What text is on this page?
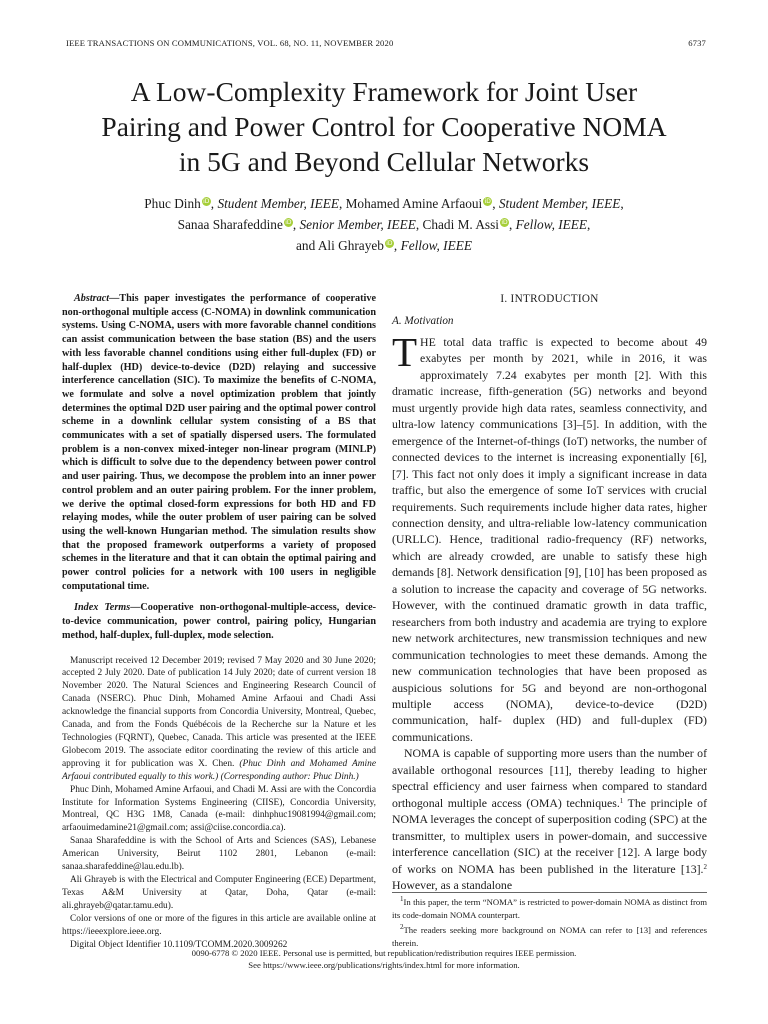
IEEE TRANSACTIONS ON COMMUNICATIONS, VOL. 68, NO. 11, NOVEMBER 2020	6737
A Low-Complexity Framework for Joint User
Pairing and Power Control for Cooperative NOMA
in 5G and Beyond Cellular Networks
Phuc Dinh iD, Student Member, IEEE, Mohamed Amine Arfaoui iD, Student Member, IEEE,
Sanaa Sharafeddine iD, Senior Member, IEEE, Chadi M. Assi iD, Fellow, IEEE,
and Ali Ghrayeb iD, Fellow, IEEE

Abstract—This paper investigates the performance of cooperative non-orthogonal multiple access (C-NOMA) in downlink communication systems. Using C-NOMA, users with more favorable channel conditions can assist communication between the base station (BS) and the users with less favorable channel conditions using either full-duplex (FD) or half-duplex (HD) device-to-device (D2D) relaying and successive interference cancellation (SIC). To maximize the benefits of C-NOMA, we formulate and solve a novel optimization problem that jointly determines the optimal D2D user pairing and the optimal power control scheme in a downlink cellular system consisting of a BS that communicates with a set of spatially dispersed users. The formulated problem is a non-convex mixed-integer non-linear program (MINLP) which is difficult to solve due to the dependency between power control and user pairing. Thus, we decompose the problem into an inner power control problem and an outer pairing problem. For the inner problem, we derive the optimal closed-form expressions for both HD and FD relaying modes, while the outer problem of user pairing can be solved using the well-known Hungarian method. The simulation results show that the proposed framework outperforms a variety of proposed schemes in the literature and that it can obtain the optimal pairing and power control policies for a network with 100 users in negligible computational time.

Index Terms—Cooperative non-orthogonal-multiple-access, device-to-device communication, power control, pairing policy, Hungarian method, half-duplex, full-duplex, mode selection.

Manuscript received 12 December 2019; revised 7 May 2020 and 30 June 2020; accepted 2 July 2020. Date of publication 14 July 2020; date of current version 18 November 2020. The Natural Sciences and Engineering Research Council of Canada (NSERC). Phuc Dinh, Mohamed Amine Arfaoui and Chadi Assi acknowledge the financial supports from Concordia University, Montreal, Quebec, Canada, and from the Fonds Québécois de la Recherche sur la Nature et les Technologies (FQRNT), Quebec, Canada. This article was presented at the IEEE Globecom 2019. The associate editor coordinating the review of this article and approving it for publication was X. Chen. (Phuc Dinh and Mohamed Amine Arfaoui contributed equally to this work.) (Corresponding author: Phuc Dinh.)

Phuc Dinh, Mohamed Amine Arfaoui, and Chadi M. Assi are with the Concordia Institute for Information Systems Engineering (CIISE), Concordia University, Montreal, QC H3G 1M8, Canada (e-mail: dinhphuc19081994@gmail.com; arfaouimedamine21@gmail.com; assi@ciise.concordia.ca).

Sanaa Sharafeddine is with the School of Arts and Sciences (SAS), Lebanese American University, Beirut 1102 2801, Lebanon (e-mail: sanaa.sharafeddine@lau.edu.lb).

Ali Ghrayeb is with the Electrical and Computer Engineering (ECE) Department, Texas A&M University at Qatar, Doha, Qatar (e-mail: ali.ghrayeb@qatar.tamu.edu).

Color versions of one or more of the figures in this article are available online at https://ieeexplore.ieee.org.

Digital Object Identifier 10.1109/TCOMM.2020.3009262

I. INTRODUCTION

A. Motivation

THE total data traffic is expected to become about 49 exabytes per month by 2021, while in 2016, it was approximately 7.24 exabytes per month [2]. With this dramatic increase, fifth-generation (5G) networks and beyond must urgently provide high data rates, seamless connectivity, and ultra-low latency communications [3]–[5]. In addition, with the emergence of the Internet-of-things (IoT) networks, the number of connected devices to the internet is increasing exponentially [6], [7]. This fact not only does it imply a significant increase in data traffic, but also the emergence of some IoT services with crucial requirements. Such requirements include higher data rates, higher connection density, and ultra-reliable low-latency communication (URLLC). Hence, traditional radio-frequency (RF) networks, which are already crowded, are unable to satisfy these high demands [8]. Network densification [9], [10] has been proposed as a solution to increase the capacity and coverage of 5G networks. However, with the continued dramatic growth in data traffic, researchers from both industry and academia are trying to explore new network architectures, new transmission techniques and new communication technologies to meet these demands. Among the new communication technologies that have been proposed as auspicious solutions for 5G and beyond are non-orthogonal multiple access (NOMA), device-to-device (D2D) communication, half- duplex (HD) and full-duplex (FD) communications.

NOMA is capable of supporting more users than the number of available orthogonal resources [11], thereby leading to higher spectral efficiency and user fairness when compared to standard orthogonal multiple access (OMA) techniques.$^1$ The principle of NOMA leverages the concept of superposition coding (SPC) at the transmitter, to multiplex users in power-domain, and successive interference cancellation (SIC) at the receiver [12]. A large body of works on NOMA has been published in the literature [13].$^2$ However, as a standalone

$^1$In this paper, the term “NOMA” is restricted to power-domain NOMA as distinct from its code-domain NOMA counterpart.

$^2$The readers seeking more background on NOMA can refer to [13] and references therein.

0090-6778 © 2020 IEEE. Personal use is permitted, but republication/redistribution requires IEEE permission.
See https://www.ieee.org/publications/rights/index.html for more information.
